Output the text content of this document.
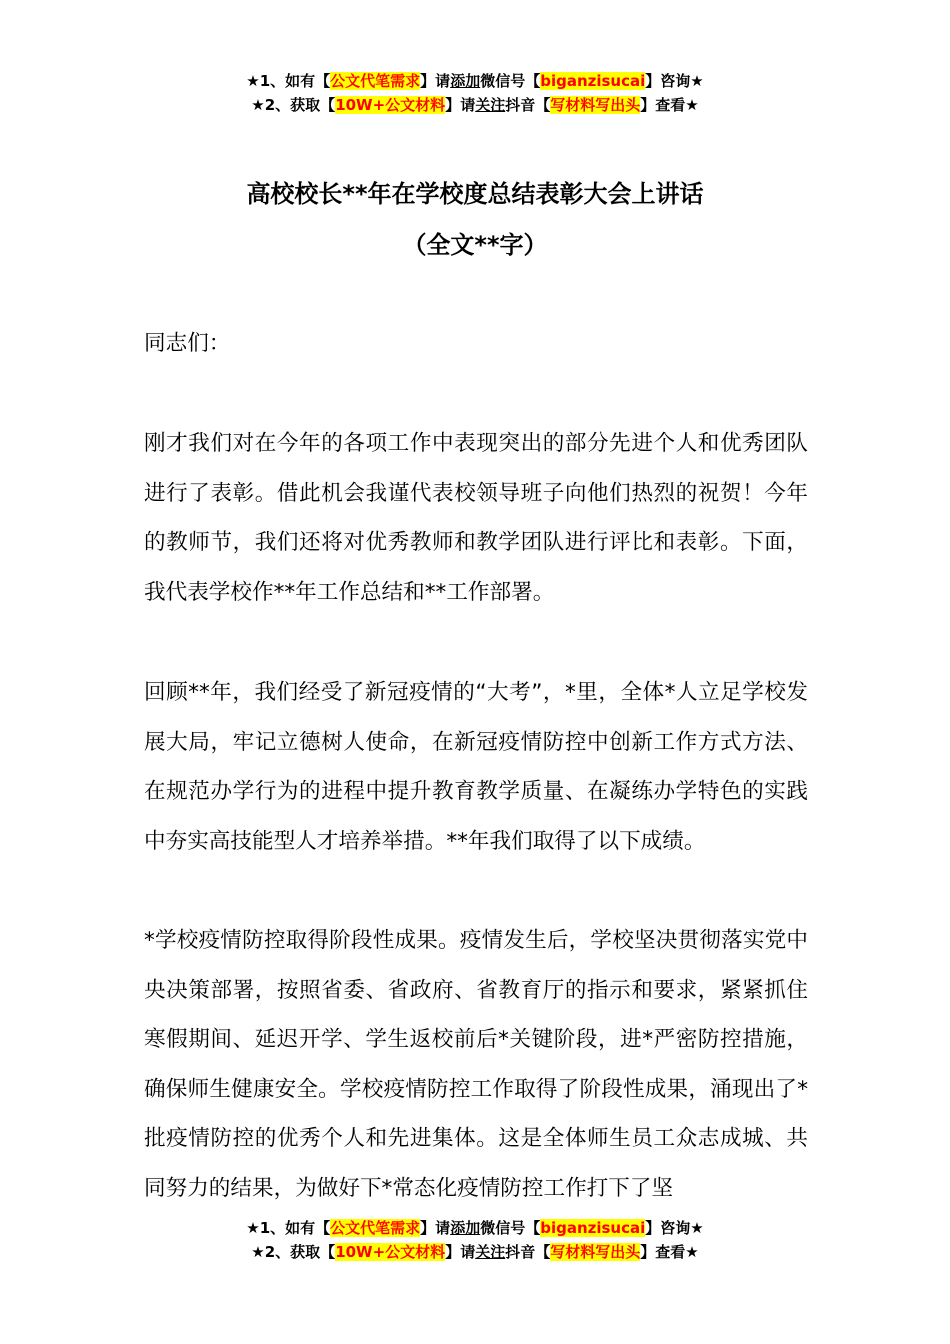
★1、如有【公文代笔需求】请添加微信号【biganzisucai】咨询★
★2、获取【10W+公文材料】请关注抖音【写材料写出头】查看★
高校校长**年在学校度总结表彰大会上讲话
（全文**字）

同志们：

刚才我们对在今年的各项工作中表现突出的部分先进个人和优秀团队进行了表彰。借此机会我谨代表校领导班子向他们热烈的祝贺！今年的教师节，我们还将对优秀教师和教学团队进行评比和表彰。下面，我代表学校作**年工作总结和**工作部署。

回顾**年，我们经受了新冠疫情的“大考”，*里，全体*人立足学校发展大局，牢记立德树人使命，在新冠疫情防控中创新工作方式方法、在规范办学行为的进程中提升教育教学质量、在凝练办学特色的实践中夯实高技能型人才培养举措。**年我们取得了以下成绩。

*学校疫情防控取得阶段性成果。疫情发生后，学校坚决贯彻落实党中央决策部署，按照省委、省政府、省教育厅的指示和要求，紧紧抓住寒假期间、延迟开学、学生返校前后*关键阶段，进*严密防控措施，确保师生健康安全。学校疫情防控工作取得了阶段性成果，涌现出了*批疫情防控的优秀个人和先进集体。这是全体师生员工众志成城、共同努力的结果，为做好下*常态化疫情防控工作打下了坚

★1、如有【公文代笔需求】请添加微信号【biganzisucai】咨询★
★2、获取【10W+公文材料】请关注抖音【写材料写出头】查看★
